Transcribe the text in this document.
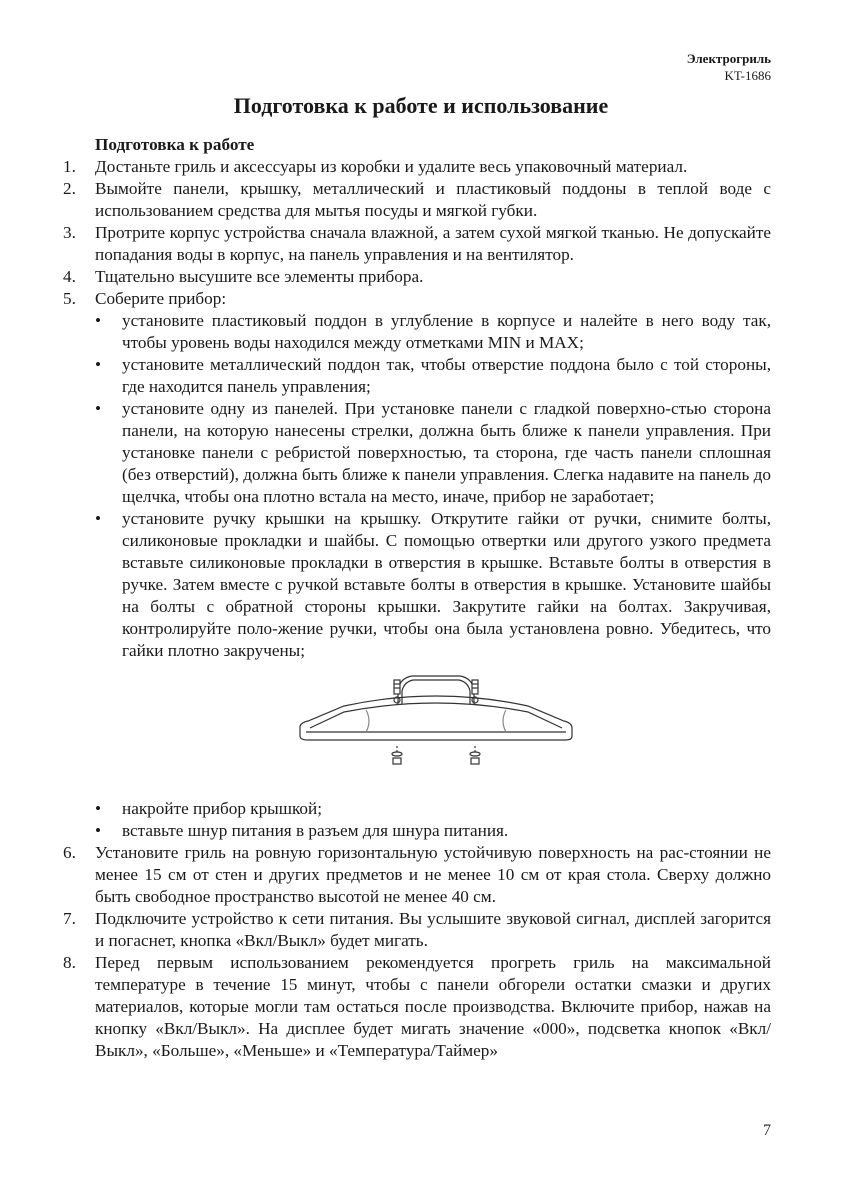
Электрогриль
KT-1686
Подготовка к работе и использование
Подготовка к работе
1. Достаньте гриль и аксессуары из коробки и удалите весь упаковочный материал.
2. Вымойте панели, крышку, металлический и пластиковый поддоны в теплой воде с использованием средства для мытья посуды и мягкой губки.
3. Протрите корпус устройства сначала влажной, а затем сухой мягкой тканью. Не допускайте попадания воды в корпус, на панель управления и на вентилятор.
4. Тщательно высушите все элементы прибора.
5. Соберите прибор:
• установите пластиковый поддон в углубление в корпусе и налейте в него воду так, чтобы уровень воды находился между отметками MIN и MAX;
• установите металлический поддон так, чтобы отверстие поддона было с той стороны, где находится панель управления;
• установите одну из панелей. При установке панели с гладкой поверхно-стью сторона панели, на которую нанесены стрелки, должна быть ближе к панели управления. При установке панели с ребристой поверхностью, та сторона, где часть панели сплошная (без отверстий), должна быть ближе к панели управления. Слегка надавите на панель до щелчка, чтобы она плотно встала на место, иначе, прибор не заработает;
• установите ручку крышки на крышку. Открутите гайки от ручки, снимите болты, силиконовые прокладки и шайбы. С помощью отвертки или другого узкого предмета вставьте силиконовые прокладки в отверстия в крышке. Вставьте болты в отверстия в ручке. Затем вместе с ручкой вставьте болты в отверстия в крышке. Установите шайбы на болты с обратной стороны крышки. Закрутите гайки на болтах. Закручивая, контролируйте поло-жение ручки, чтобы она была установлена ровно. Убедитесь, что гайки плотно закручены;
• накройте прибор крышкой;
• вставьте шнур питания в разъем для шнура питания.
6. Установите гриль на ровную горизонтальную устойчивую поверхность на рас-стоянии не менее 15 см от стен и других предметов и не менее 10 см от края стола. Сверху должно быть свободное пространство высотой не менее 40 см.
7. Подключите устройство к сети питания. Вы услышите звуковой сигнал, дисплей загорится и погаснет, кнопка «Вкл/Выкл» будет мигать.
8. Перед первым использованием рекомендуется прогреть гриль на максимальной температуре в течение 15 минут, чтобы с панели обгорели остатки смазки и других материалов, которые могли там остаться после производства. Включите прибор, нажав на кнопку «Вкл/Выкл». На дисплее будет мигать значение «000», подсветка кнопок «Вкл/Выкл», «Больше», «Меньше» и «Температура/Таймер»
7
